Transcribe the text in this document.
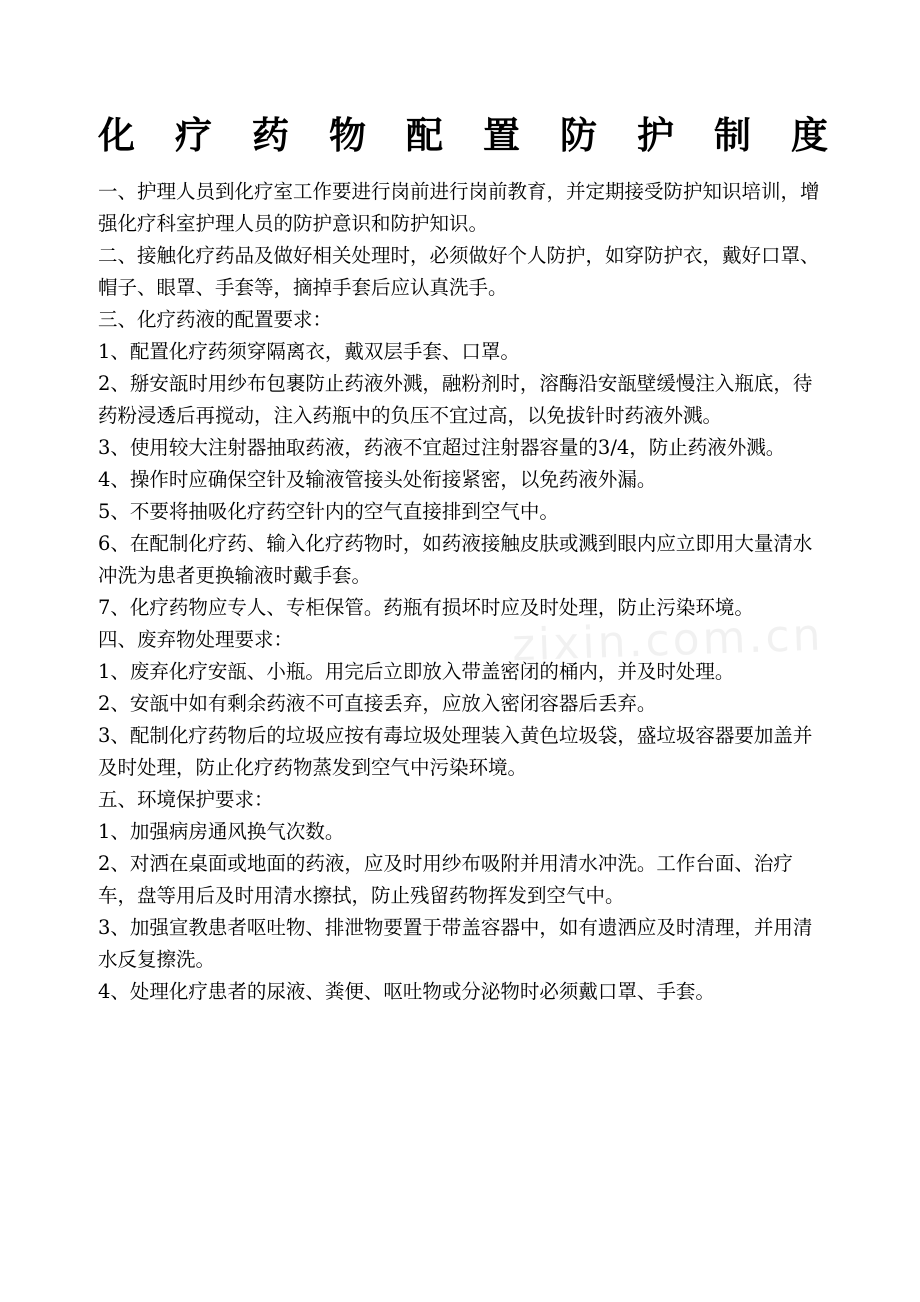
化 疗 药 物 配 置 防 护 制 度

一、护理人员到化疗室工作要进行岗前进行岗前教育，并定期接受防护知识培训，增强化疗科室护理人员的防护意识和防护知识。

二、接触化疗药品及做好相关处理时，必须做好个人防护，如穿防护衣，戴好口罩、帽子、眼罩、手套等，摘掉手套后应认真洗手。

三、化疗药液的配置要求：

1、配置化疗药须穿隔离衣，戴双层手套、口罩。

2、掰安瓿时用纱布包裹防止药液外溅，融粉剂时，溶酶沿安瓿壁缓慢注入瓶底，待药粉浸透后再搅动，注入药瓶中的负压不宜过高，以免拔针时药液外溅。

3、使用较大注射器抽取药液，药液不宜超过注射器容量的3/4，防止药液外溅。

4、操作时应确保空针及输液管接头处衔接紧密，以免药液外漏。

5、不要将抽吸化疗药空针内的空气直接排到空气中。

6、在配制化疗药、输入化疗药物时，如药液接触皮肤或溅到眼内应立即用大量清水冲洗为患者更换输液时戴手套。

7、化疗药物应专人、专柜保管。药瓶有损坏时应及时处理，防止污染环境。

四、废弃物处理要求：

1、废弃化疗安瓿、小瓶。用完后立即放入带盖密闭的桶内，并及时处理。

2、安瓿中如有剩余药液不可直接丢弃，应放入密闭容器后丢弃。

3、配制化疗药物后的垃圾应按有毒垃圾处理装入黄色垃圾袋，盛垃圾容器要加盖并及时处理，防止化疗药物蒸发到空气中污染环境。

五、环境保护要求：

1、加强病房通风换气次数。

2、对洒在桌面或地面的药液，应及时用纱布吸附并用清水冲洗。工作台面、治疗车，盘等用后及时用清水擦拭，防止残留药物挥发到空气中。

3、加强宣教患者呕吐物、排泄物要置于带盖容器中，如有遗洒应及时清理，并用清水反复擦洗。

4、处理化疗患者的尿液、粪便、呕吐物或分泌物时必须戴口罩、手套。

zixin.com.cn
